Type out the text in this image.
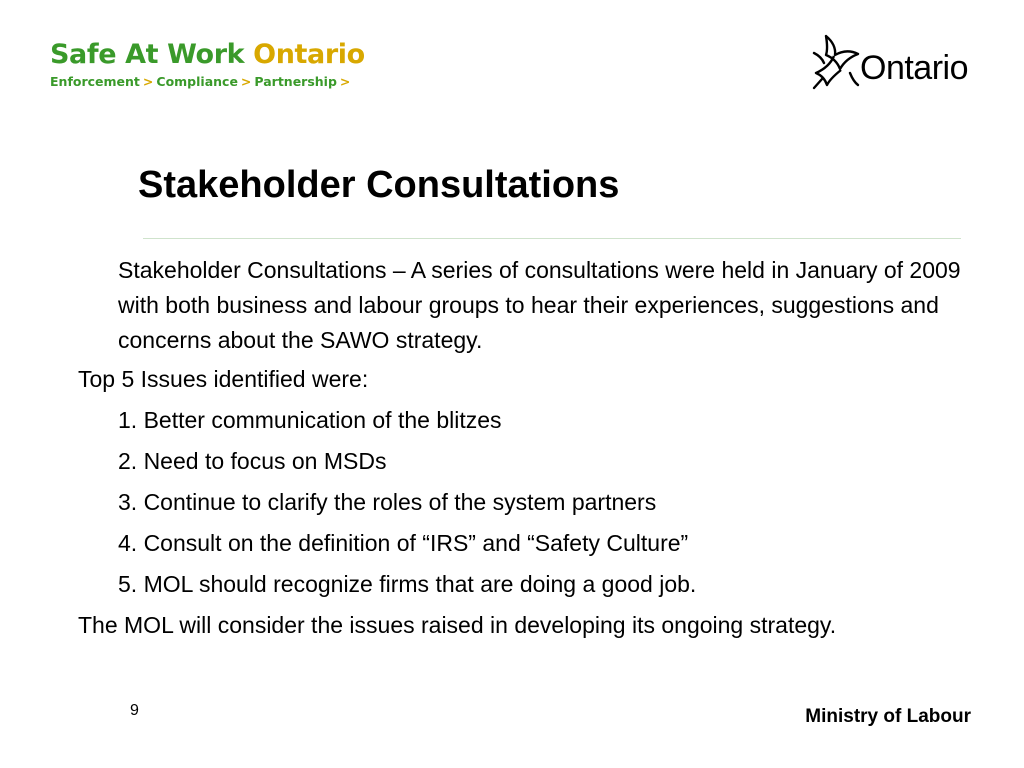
Safe At Work Ontario
Enforcement > Compliance > Partnership >	Ontario
Stakeholder Consultations

Stakeholder Consultations – A series of consultations were held in January of 2009 with both business and labour groups to hear their experiences, suggestions and concerns about the SAWO strategy.

Top 5 Issues identified were:

1. Better communication of the blitzes

2. Need to focus on MSDs

3. Continue to clarify the roles of the system partners

4. Consult on the definition of “IRS” and “Safety Culture”

5. MOL should recognize firms that are doing a good job.

The MOL will consider the issues raised in developing its ongoing strategy.

9	Ministry of Labour
